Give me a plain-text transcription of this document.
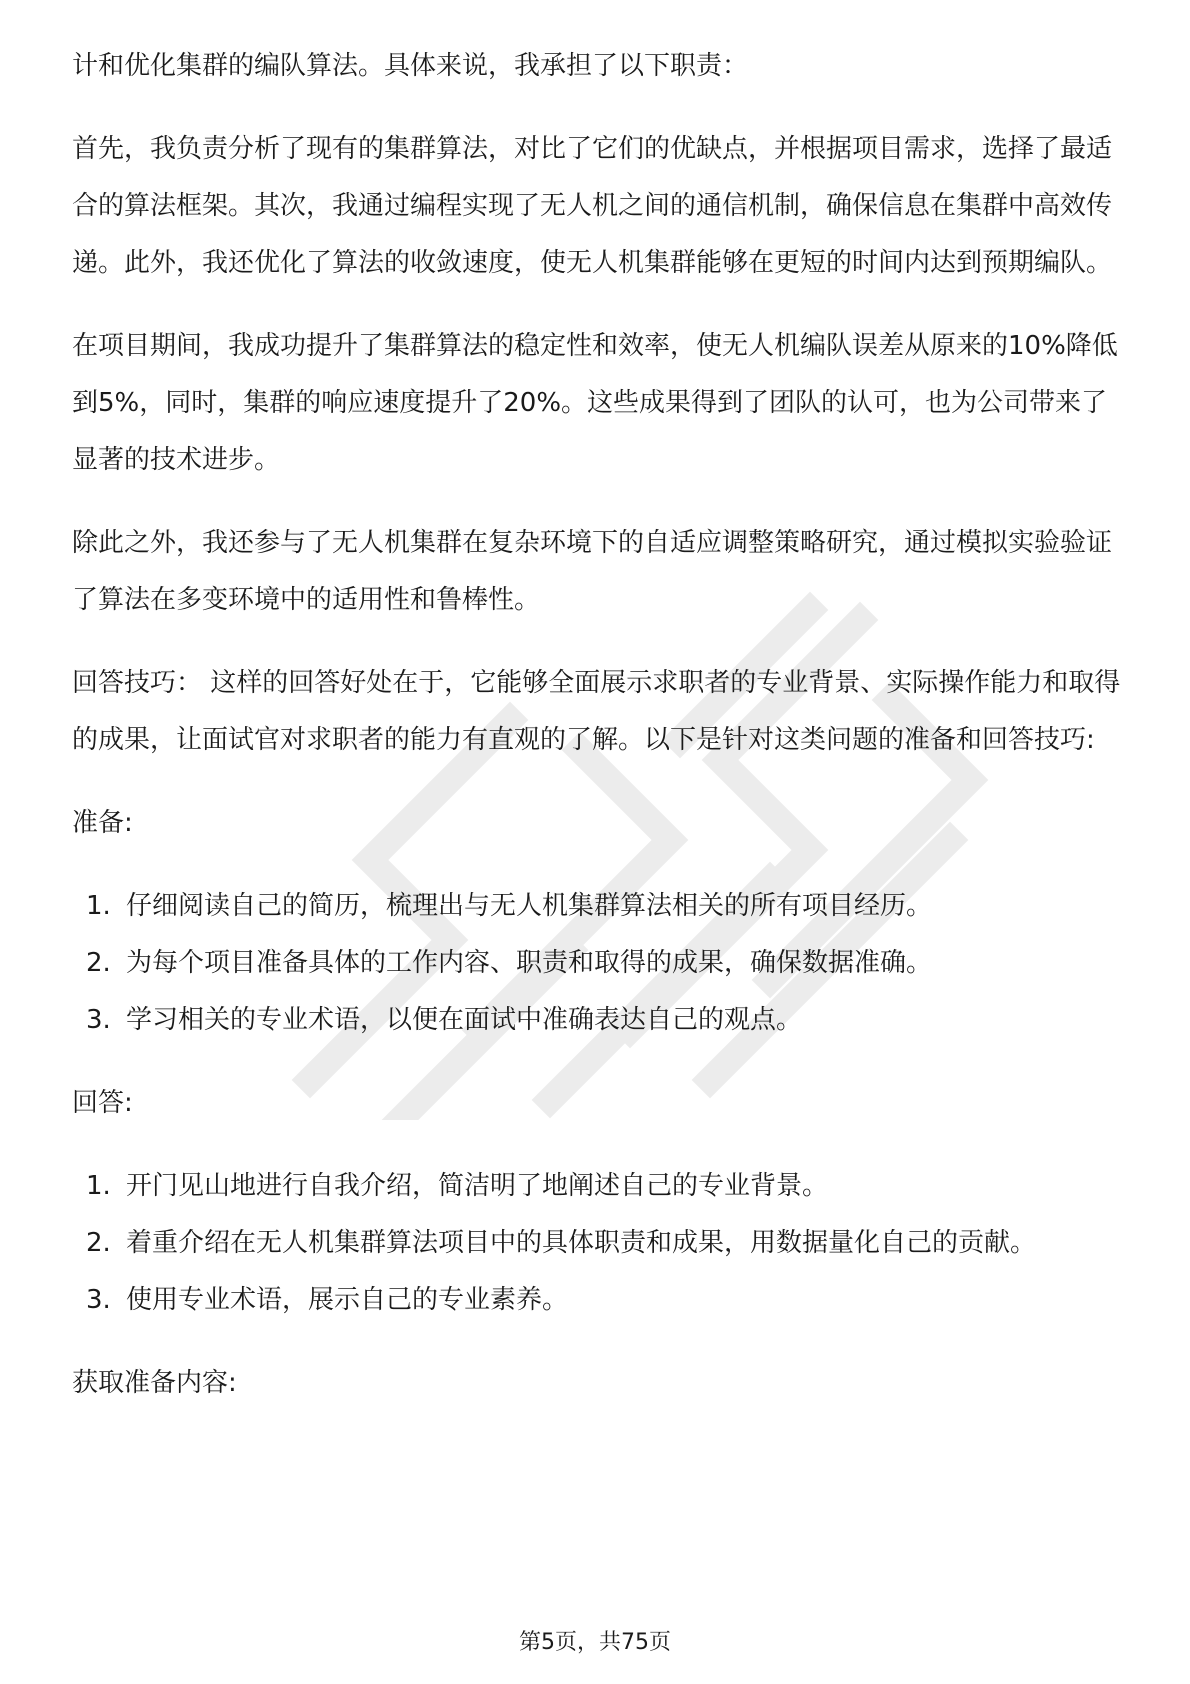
计和优化集群的编队算法。具体来说，我承担了以下职责：

首先，我负责分析了现有的集群算法，对比了它们的优缺点，并根据项目需求，选择了最适合的算法框架。其次，我通过编程实现了无人机之间的通信机制，确保信息在集群中高效传递。此外，我还优化了算法的收敛速度，使无人机集群能够在更短的时间内达到预期编队。

在项目期间，我成功提升了集群算法的稳定性和效率，使无人机编队误差从原来的10%降低到5%，同时，集群的响应速度提升了20%。这些成果得到了团队的认可，也为公司带来了显著的技术进步。

除此之外，我还参与了无人机集群在复杂环境下的自适应调整策略研究，通过模拟实验验证了算法在多变环境中的适用性和鲁棒性。

回答技巧： 这样的回答好处在于，它能够全面展示求职者的专业背景、实际操作能力和取得的成果，让面试官对求职者的能力有直观的了解。以下是针对这类问题的准备和回答技巧:

准备:

1. 仔细阅读自己的简历，梳理出与无人机集群算法相关的所有项目经历。
2. 为每个项目准备具体的工作内容、职责和取得的成果，确保数据准确。
3. 学习相关的专业术语，以便在面试中准确表达自己的观点。

回答:

1. 开门见山地进行自我介绍，简洁明了地阐述自己的专业背景。
2. 着重介绍在无人机集群算法项目中的具体职责和成果，用数据量化自己的贡献。
3. 使用专业术语，展示自己的专业素养。

获取准备内容:

第5页，共75页
